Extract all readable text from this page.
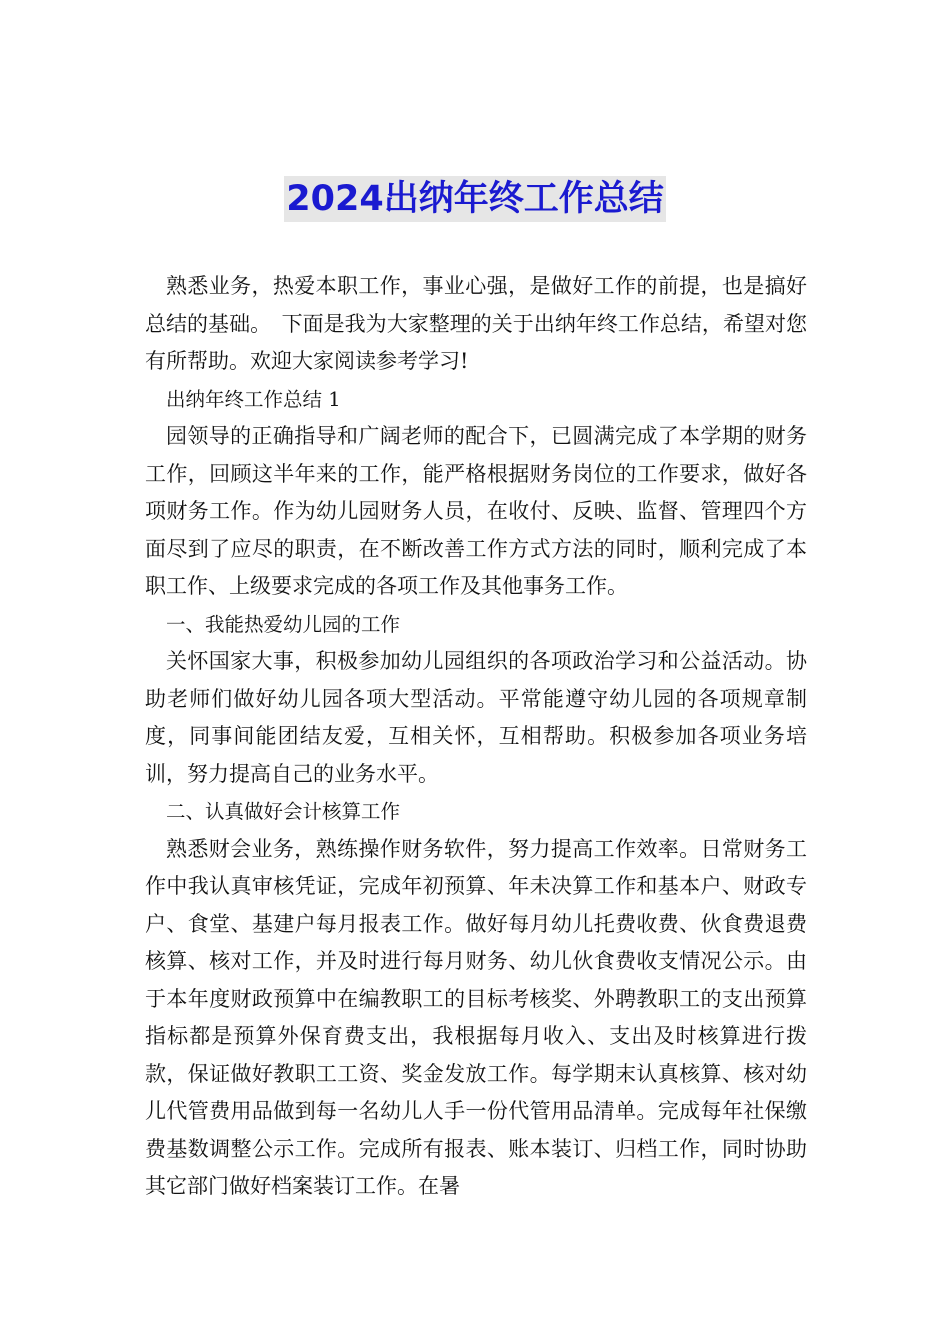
2024出纳年终工作总结

熟悉业务，热爱本职工作，事业心强，是做好工作的前提，也是搞好总结的基础。　下面是我为大家整理的关于出纳年终工作总结，希望对您有所帮助。欢迎大家阅读参考学习!

出纳年终工作总结 1

园领导的正确指导和广阔老师的配合下，已圆满完成了本学期的财务工作，回顾这半年来的工作，能严格根据财务岗位的工作要求，做好各项财务工作。作为幼儿园财务人员，在收付、反映、监督、管理四个方面尽到了应尽的职责，在不断改善工作方式方法的同时，顺利完成了本职工作、上级要求完成的各项工作及其他事务工作。

一、我能热爱幼儿园的工作

关怀国家大事，积极参加幼儿园组织的各项政治学习和公益活动。协助老师们做好幼儿园各项大型活动。平常能遵守幼儿园的各项规章制度，同事间能团结友爱，互相关怀，互相帮助。积极参加各项业务培训，努力提高自己的业务水平。

二、认真做好会计核算工作

熟悉财会业务，熟练操作财务软件，努力提高工作效率。日常财务工作中我认真审核凭证，完成年初预算、年未决算工作和基本户、财政专户、食堂、基建户每月报表工作。做好每月幼儿托费收费、伙食费退费核算、核对工作，并及时进行每月财务、幼儿伙食费收支情况公示。由于本年度财政预算中在编教职工的目标考核奖、外聘教职工的支出预算指标都是预算外保育费支出，我根据每月收入、支出及时核算进行拨款，保证做好教职工工资、奖金发放工作。每学期末认真核算、核对幼儿代管费用品做到每一名幼儿人手一份代管用品清单。完成每年社保缴费基数调整公示工作。完成所有报表、账本装订、归档工作，同时协助其它部门做好档案装订工作。在暑
